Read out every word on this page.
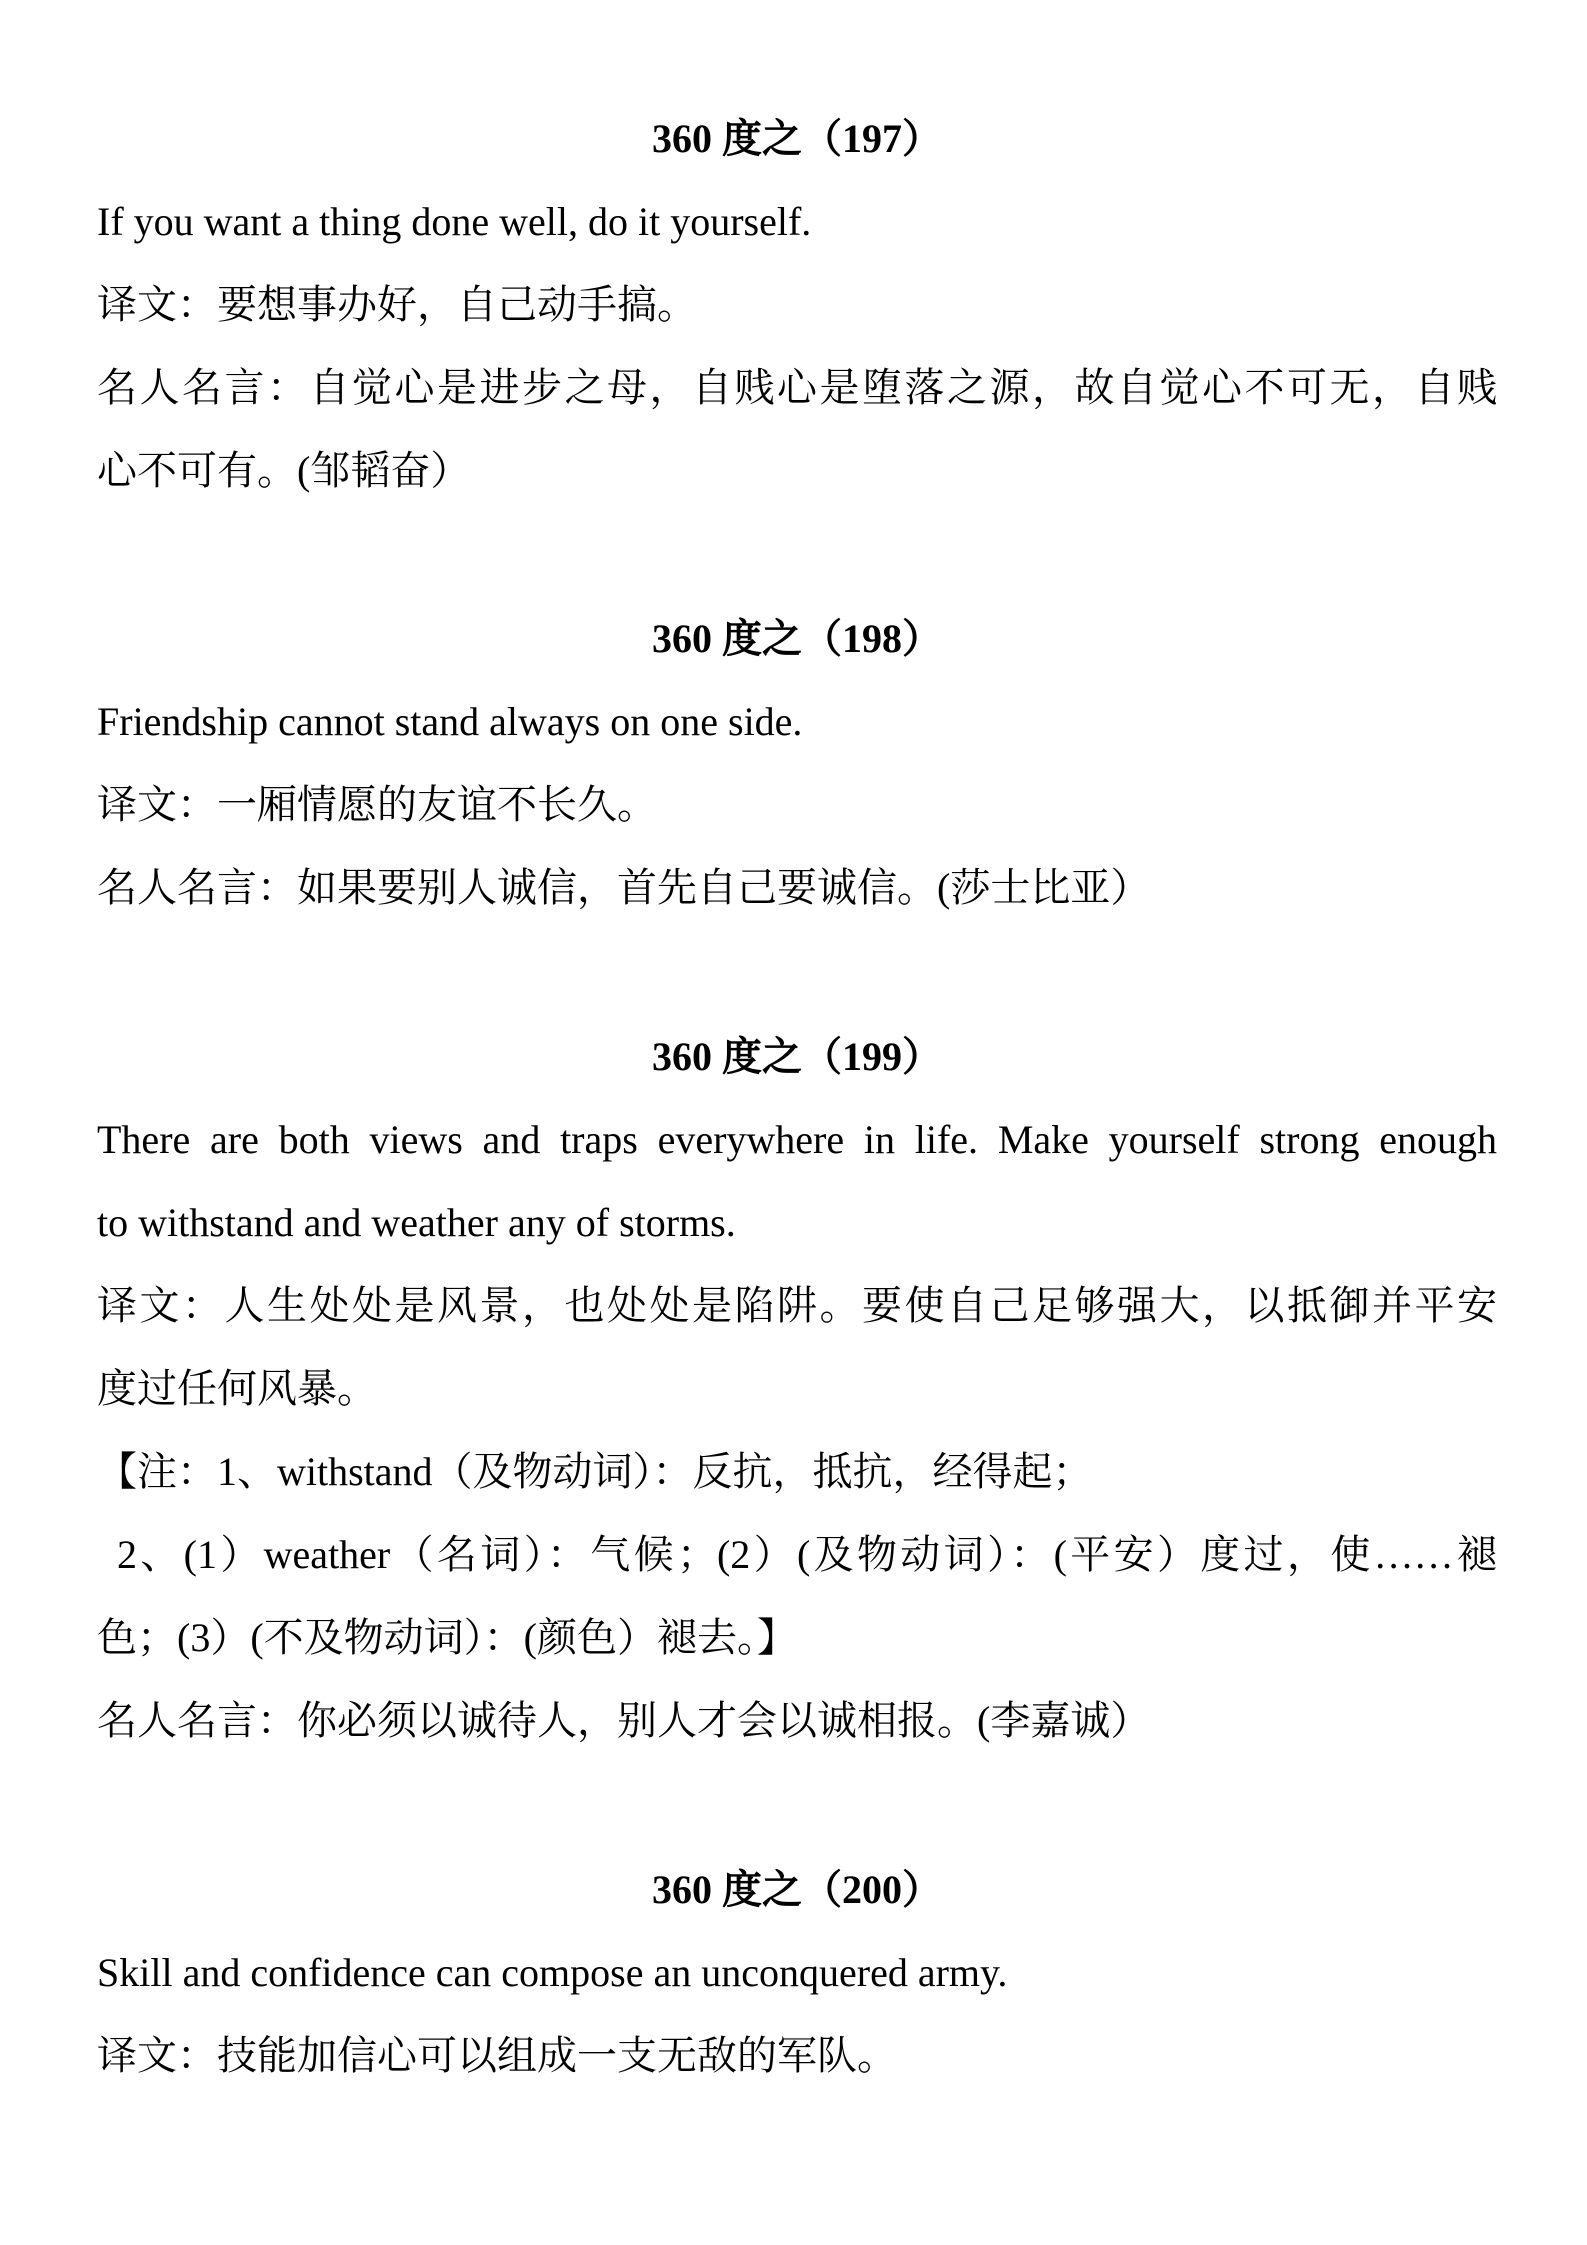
360 度之（197）
If you want a thing done well, do it yourself.
译文：要想事办好，自己动手搞。
名人名言：自觉心是进步之母，自贱心是堕落之源，故自觉心不可无，自贱
心不可有。(邹韬奋）
360 度之（198）
Friendship cannot stand always on one side.
译文：一厢情愿的友谊不长久。
名人名言：如果要别人诚信，首先自己要诚信。(莎士比亚）
360 度之（199）
There are both views and traps everywhere in life. Make yourself strong enough
to withstand and weather any of storms.
译文：人生处处是风景，也处处是陷阱。要使自己足够强大，以抵御并平安
度过任何风暴。
【注：1、withstand（及物动词）：反抗，抵抗，经得起；
2、(1）weather（名词）：气候；(2）(及物动词）：(平安）度过，使……褪
色；(3）(不及物动词）：(颜色）褪去。】
名人名言：你必须以诚待人，别人才会以诚相报。(李嘉诚）
360 度之（200）
Skill and confidence can compose an unconquered army.
译文：技能加信心可以组成一支无敌的军队。
